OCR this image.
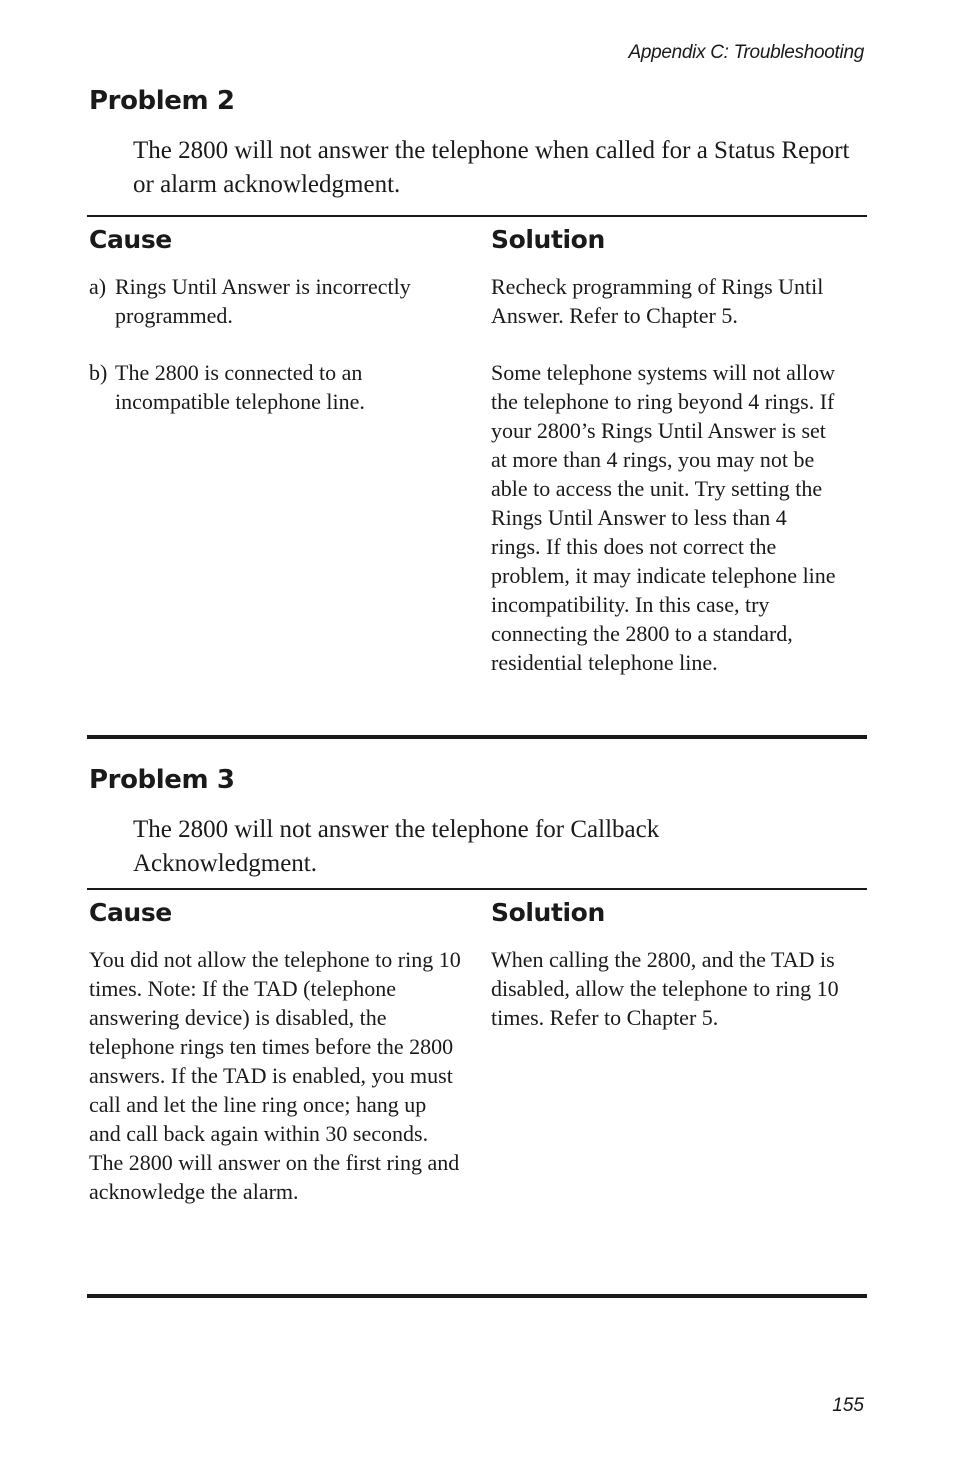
Appendix C: Troubleshooting
Problem 2

The 2800 will not answer the telephone when called for a Status Report or alarm acknowledgment.

Cause	Solution
a) Rings Until Answer is incorrectly programmed.

Recheck programming of Rings Until Answer. Refer to Chapter 5.

b) The 2800 is connected to an incompatible telephone line.

Some telephone systems will not allow the telephone to ring beyond 4 rings. If your 2800’s Rings Until Answer is set at more than 4 rings, you may not be able to access the unit. Try setting the Rings Until Answer to less than 4 rings. If this does not correct the problem, it may indicate telephone line incompatibility. In this case, try connecting the 2800 to a standard, residential telephone line.

Problem 3

The 2800 will not answer the telephone for Callback Acknowledgment.

Cause	Solution

You did not allow the telephone to ring 10 times. Note: If the TAD (telephone answering device) is disabled, the telephone rings ten times before the 2800 answers. If the TAD is enabled, you must call and let the line ring once; hang up and call back again within 30 seconds. The 2800 will answer on the first ring and acknowledge the alarm.

When calling the 2800, and the TAD is disabled, allow the telephone to ring 10 times. Refer to Chapter 5.

155
